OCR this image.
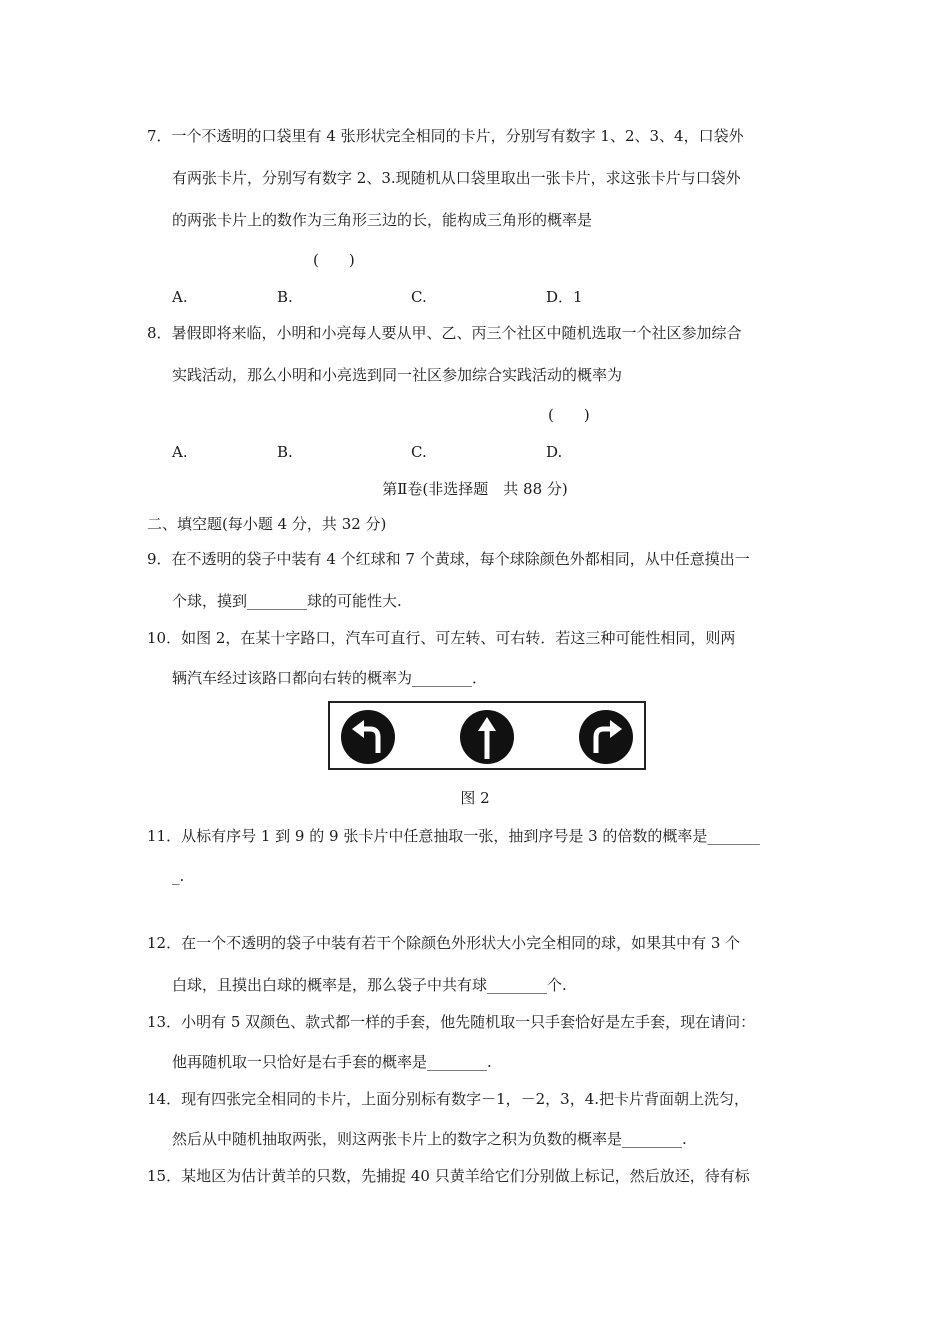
7．一个不透明的口袋里有 4 张形状完全相同的卡片，分别写有数字 1、2、3、4，口袋外
有两张卡片，分别写有数字 2、3.现随机从口袋里取出一张卡片，求这张卡片与口袋外
的两张卡片上的数作为三角形三边的长，能构成三角形的概率是
(　　)
A.	B.	C.	D．1
8．暑假即将来临，小明和小亮每人要从甲、乙、丙三个社区中随机选取一个社区参加综合
实践活动，那么小明和小亮选到同一社区参加综合实践活动的概率为
(　　)
A.	B.	C.	D.
第Ⅱ卷(非选择题　共 88 分)
二、填空题(每小题 4 分，共 32 分)
9．在不透明的袋子中装有 4 个红球和 7 个黄球，每个球除颜色外都相同，从中任意摸出一
个球，摸到________球的可能性大.
10．如图 2，在某十字路口，汽车可直行、可左转、可右转．若这三种可能性相同，则两
辆汽车经过该路口都向右转的概率为________．
图 2
11．从标有序号 1 到 9 的 9 张卡片中任意抽取一张，抽到序号是 3 的倍数的概率是_______
_.
12．在一个不透明的袋子中装有若干个除颜色外形状大小完全相同的球，如果其中有 3 个
白球，且摸出白球的概率是，那么袋子中共有球________个.
13．小明有 5 双颜色、款式都一样的手套，他先随机取一只手套恰好是左手套，现在请问：
他再随机取一只恰好是右手套的概率是________.
14．现有四张完全相同的卡片，上面分别标有数字－1，－2，3，4.把卡片背面朝上洗匀，
然后从中随机抽取两张，则这两张卡片上的数字之积为负数的概率是________.
15．某地区为估计黄羊的只数，先捕捉 40 只黄羊给它们分别做上标记，然后放还，待有标
